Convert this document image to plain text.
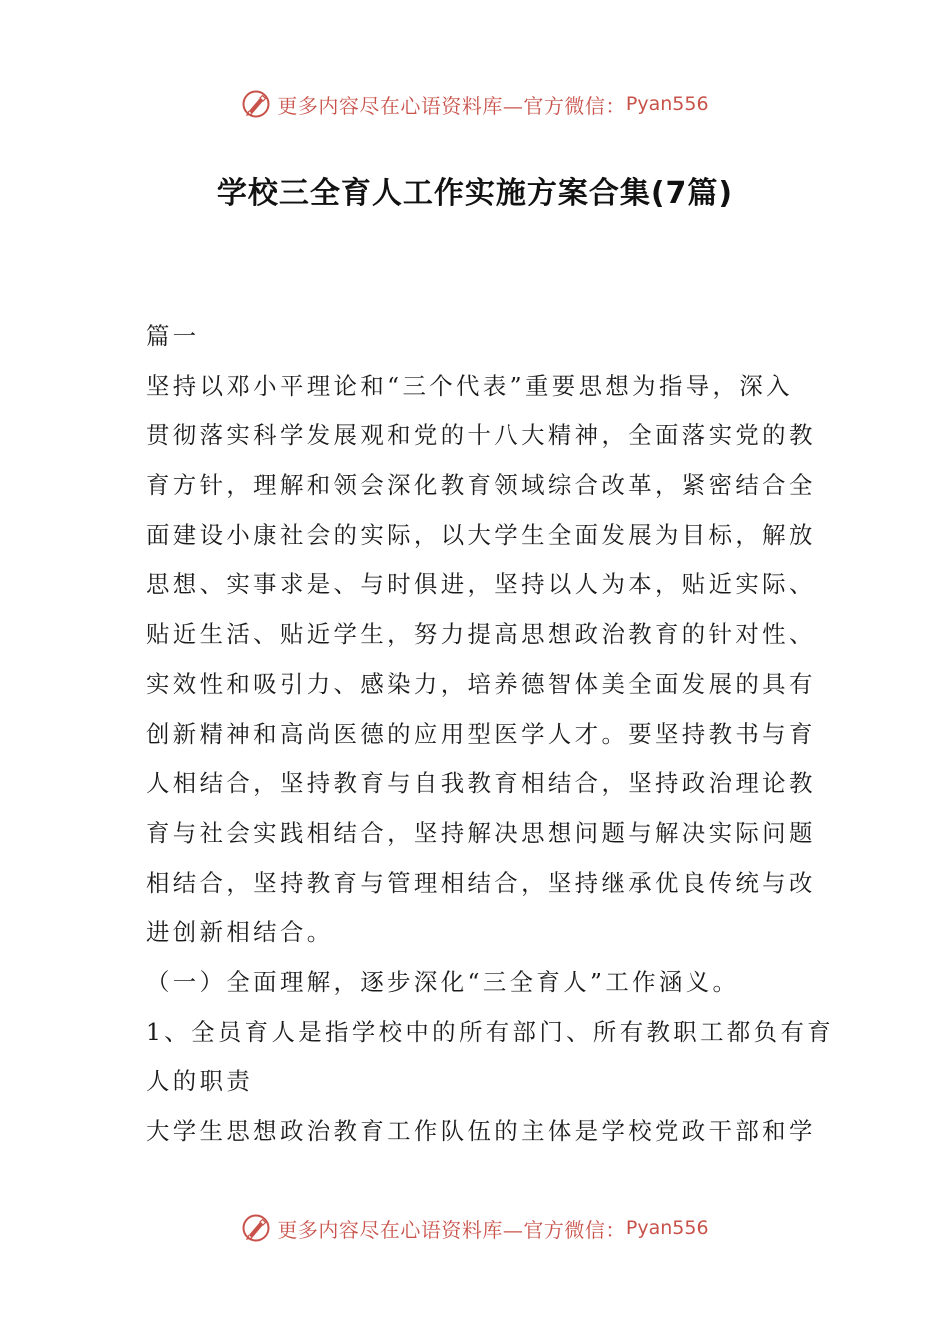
更多内容尽在心语资料库—官方微信： Pyan556
学校三全育人工作实施方案合集(7篇)
篇一
坚持以邓小平理论和“三个代表”重要思想为指导，深入
贯彻落实科学发展观和党的十八大精神，全面落实党的教
育方针，理解和领会深化教育领域综合改革，紧密结合全
面建设小康社会的实际，以大学生全面发展为目标，解放
思想、实事求是、与时俱进，坚持以人为本，贴近实际、
贴近生活、贴近学生，努力提高思想政治教育的针对性、
实效性和吸引力、感染力，培养德智体美全面发展的具有
创新精神和高尚医德的应用型医学人才。要坚持教书与育
人相结合，坚持教育与自我教育相结合，坚持政治理论教
育与社会实践相结合，坚持解决思想问题与解决实际问题
相结合，坚持教育与管理相结合，坚持继承优良传统与改
进创新相结合。
（一）全面理解，逐步深化“三全育人”工作涵义。
1、全员育人是指学校中的所有部门、所有教职工都负有育
人的职责
大学生思想政治教育工作队伍的主体是学校党政干部和学
更多内容尽在心语资料库—官方微信： Pyan556
